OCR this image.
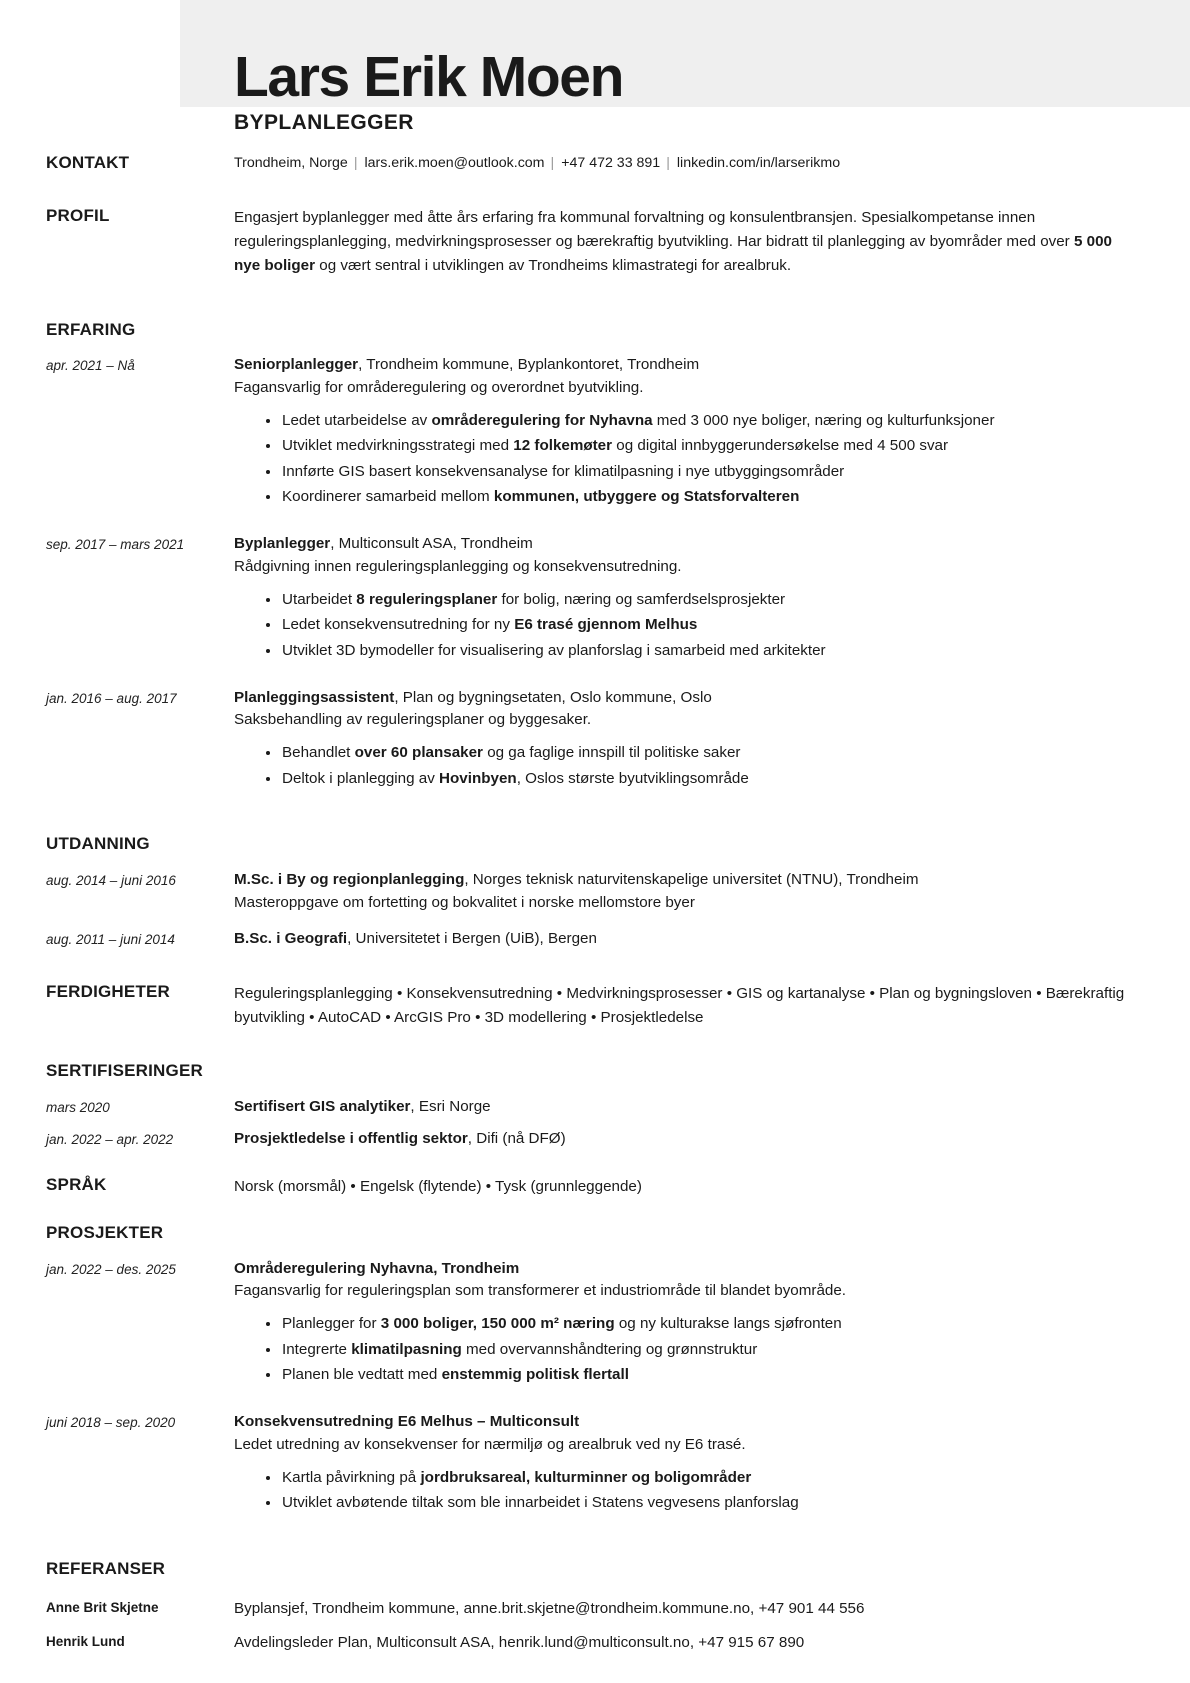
Lars Erik Moen
BYPLANLEGGER
KONTAKT	Trondheim, Norge | lars.erik.moen@outlook.com | +47 472 33 891 | linkedin.com/in/larserikmo
PROFIL	Engasjert byplanlegger med åtte års erfaring fra kommunal forvaltning og konsulentbransjen. Spesialkompetanse innen reguleringsplanlegging, medvirkningsprosesser og bærekraftig byutvikling. Har bidratt til planlegging av byområder med over 5 000 nye boliger og vært sentral i utviklingen av Trondheims klimastrategi for arealbruk.
ERFARING
apr. 2021 – Nå	Seniorplanlegger, Trondheim kommune, Byplankontoret, Trondheim
Fagansvarlig for områderegulering og overordnet byutvikling.
Ledet utarbeidelse av områderegulering for Nyhavna med 3 000 nye boliger, næring og kulturfunksjoner
Utviklet medvirkningsstrategi med 12 folkemøter og digital innbyggerundersøkelse med 4 500 svar
Innførte GIS basert konsekvensanalyse for klimatilpasning i nye utbyggingsområder
Koordinerer samarbeid mellom kommunen, utbyggere og Statsforvalteren
sep. 2017 – mars 2021	Byplanlegger, Multiconsult ASA, Trondheim
Rådgivning innen reguleringsplanlegging og konsekvensutredning.
Utarbeidet 8 reguleringsplaner for bolig, næring og samferdselsprosjekter
Ledet konsekvensutredning for ny E6 trasé gjennom Melhus
Utviklet 3D bymodeller for visualisering av planforslag i samarbeid med arkitekter
jan. 2016 – aug. 2017	Planleggingsassistent, Plan og bygningsetaten, Oslo kommune, Oslo
Saksbehandling av reguleringsplaner og byggesaker.
Behandlet over 60 plansaker og ga faglige innspill til politiske saker
Deltok i planlegging av Hovinbyen, Oslos største byutviklingsområde
UTDANNING
aug. 2014 – juni 2016	M.Sc. i By og regionplanlegging, Norges teknisk naturvitenskapelige universitet (NTNU), Trondheim
Masteroppgave om fortetting og bokvalitet i norske mellomstore byer
aug. 2011 – juni 2014	B.Sc. i Geografi, Universitetet i Bergen (UiB), Bergen
FERDIGHETER	Reguleringsplanlegging • Konsekvensutredning • Medvirkningsprosesser • GIS og kartanalyse • Plan og bygningsloven • Bærekraftig byutvikling • AutoCAD • ArcGIS Pro • 3D modellering • Prosjektledelse
SERTIFISERINGER
mars 2020	Sertifisert GIS analytiker, Esri Norge
jan. 2022 – apr. 2022	Prosjektledelse i offentlig sektor, Difi (nå DFØ)
SPRÅK	Norsk (morsmål) • Engelsk (flytende) • Tysk (grunnleggende)
PROSJEKTER
jan. 2022 – des. 2025	Områderegulering Nyhavna, Trondheim
Fagansvarlig for reguleringsplan som transformerer et industriområde til blandet byområde.
Planlegger for 3 000 boliger, 150 000 m² næring og ny kulturakse langs sjøfronten
Integrerte klimatilpasning med overvannshåndtering og grønnstruktur
Planen ble vedtatt med enstemmig politisk flertall
juni 2018 – sep. 2020	Konsekvensutredning E6 Melhus – Multiconsult
Ledet utredning av konsekvenser for nærmiljø og arealbruk ved ny E6 trasé.
Kartla påvirkning på jordbruksareal, kulturminner og boligområder
Utviklet avbøtende tiltak som ble innarbeidet i Statens vegvesens planforslag
REFERANSER
Anne Brit Skjetne	Byplansjef, Trondheim kommune, anne.brit.skjetne@trondheim.kommune.no, +47 901 44 556
Henrik Lund	Avdelingsleder Plan, Multiconsult ASA, henrik.lund@multiconsult.no, +47 915 67 890
